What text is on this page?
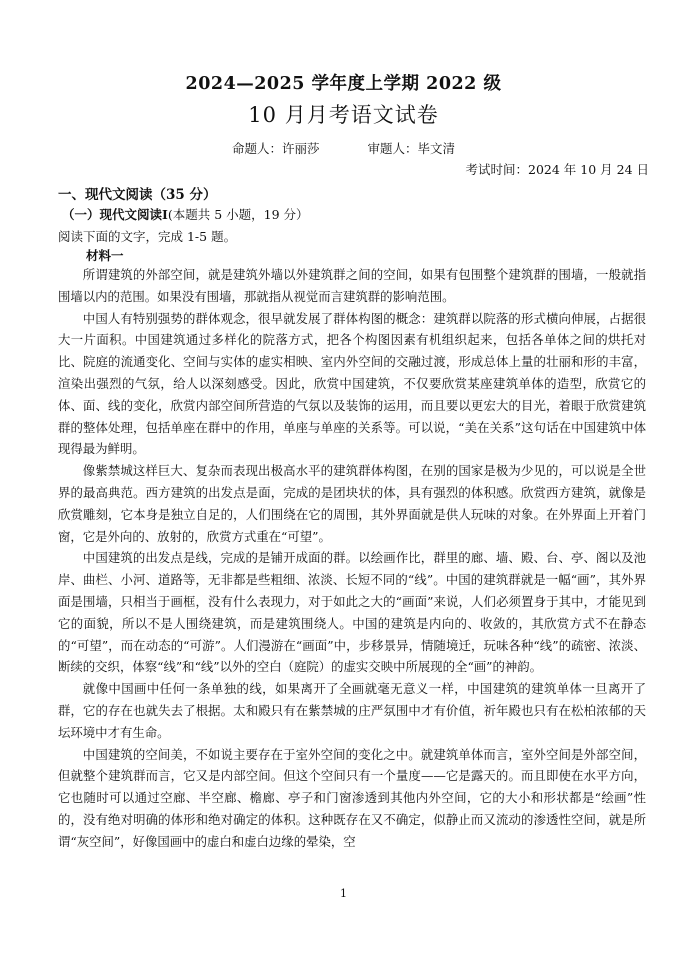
2024—2025 学年度上学期 2022 级
10 月月考语文试卷
命题人：许丽莎	审题人：毕文清
考试时间：2024 年 10 月 24 日
一、现代文阅读（35 分）
（一）现代文阅读Ⅰ(本题共 5 小题，19 分）
阅读下面的文字，完成 1-5 题。
材料一

所谓建筑的外部空间，就是建筑外墙以外建筑群之间的空间，如果有包围整个建筑群的围墙，一般就指围墙以内的范围。如果没有围墙，那就指从视觉而言建筑群的影响范围。

中国人有特别强势的群体观念，很早就发展了群体构图的概念：建筑群以院落的形式横向伸展，占据很大一片面积。中国建筑通过多样化的院落方式，把各个构图因素有机组织起来，包括各单体之间的烘托对比、院庭的流通变化、空间与实体的虚实相映、室内外空间的交融过渡，形成总体上量的壮丽和形的丰富，渲染出强烈的气氛，给人以深刻感受。因此，欣赏中国建筑，不仅要欣赏某座建筑单体的造型，欣赏它的体、面、线的变化，欣赏内部空间所营造的气氛以及装饰的运用，而且要以更宏大的目光，着眼于欣赏建筑群的整体处理，包括单座在群中的作用，单座与单座的关系等。可以说，“美在关系”这句话在中国建筑中体现得最为鲜明。

像紫禁城这样巨大、复杂而表现出极高水平的建筑群体构图，在别的国家是极为少见的，可以说是全世界的最高典范。西方建筑的出发点是面，完成的是团块状的体，具有强烈的体积感。欣赏西方建筑，就像是欣赏雕刻，它本身是独立自足的，人们围绕在它的周围，其外界面就是供人玩味的对象。在外界面上开着门窗，它是外向的、放射的，欣赏方式重在“可望”。

中国建筑的出发点是线，完成的是铺开成面的群。以绘画作比，群里的廊、墙、殿、台、亭、阁以及池岸、曲栏、小河、道路等，无非都是些粗细、浓淡、长短不同的“线”。中国的建筑群就是一幅“画”，其外界面是围墙，只相当于画框，没有什么表现力，对于如此之大的“画面”来说，人们必须置身于其中，才能见到它的面貌，所以不是人围绕建筑，而是建筑围绕人。中国的建筑是内向的、收敛的，其欣赏方式不在静态的“可望”，而在动态的“可游”。人们漫游在“画面”中，步移景异，情随境迁，玩味各种“线”的疏密、浓淡、断续的交织，体察“线”和“线”以外的空白（庭院）的虚实交映中所展现的全“画”的神韵。

就像中国画中任何一条单独的线，如果离开了全画就毫无意义一样，中国建筑的建筑单体一旦离开了群，它的存在也就失去了根据。太和殿只有在紫禁城的庄严氛围中才有价值，祈年殿也只有在松柏浓郁的天坛环境中才有生命。

中国建筑的空间美，不如说主要存在于室外空间的变化之中。就建筑单体而言，室外空间是外部空间，但就整个建筑群而言，它又是内部空间。但这个空间只有一个量度——它是露天的。而且即使在水平方向，它也随时可以通过空廊、半空廊、檐廊、亭子和门窗渗透到其他内外空间，它的大小和形状都是“绘画”性的，没有绝对明确的体形和绝对确定的体积。这种既存在又不确定，似静止而又流动的渗透性空间，就是所谓“灰空间”，好像国画中的虚白和虚白边缘的晕染，空

1
